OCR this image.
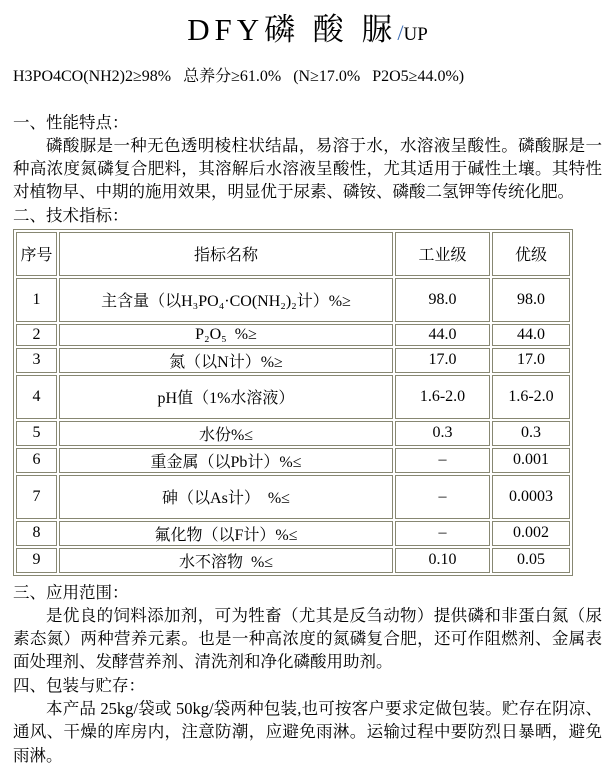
DFY磷 酸 脲/UP
H3PO4CO(NH2)2≥98%   总养分≥61.0%   (N≥17.0%   P2O5≥44.0%)
一、性能特点：

磷酸脲是一种无色透明棱柱状结晶，易溶于水，水溶液呈酸性。磷酸脲是一种高浓度氮磷复合肥料，其溶解后水溶液呈酸性，尤其适用于碱性土壤。其特性对植物早、中期的施用效果，明显优于尿素、磷铵、磷酸二氢钾等传统化肥。

二、技术指标：
序号	指标名称	工业级	优级
1	主含量（以H₃PO₄·CO(NH₂)₂计）%≥	98.0	98.0
2	P₂O₅  %≥	44.0	44.0
3	氮（以N计）%≥	17.0	17.0
4	pH值（1%水溶液）	1.6-2.0	1.6-2.0
5	水份%≤	0.3	0.3
6	重金属（以Pb计）%≤	–	0.001
7	砷（以As计）  %≤	–	0.0003
8	氟化物（以F计）%≤	–	0.002
9	水不溶物  %≤	0.10	0.05
三、应用范围：

是优良的饲料添加剂，可为牲畜（尤其是反刍动物）提供磷和非蛋白氮（尿素态氮）两种营养元素。也是一种高浓度的氮磷复合肥，还可作阻燃剂、金属表面处理剂、发酵营养剂、清洗剂和净化磷酸用助剂。

四、包装与贮存：

本产品 25kg/袋或 50kg/袋两种包装,也可按客户要求定做包装。贮存在阴凉、通风、干燥的库房内，注意防潮，应避免雨淋。运输过程中要防烈日暴晒，避免雨淋。
